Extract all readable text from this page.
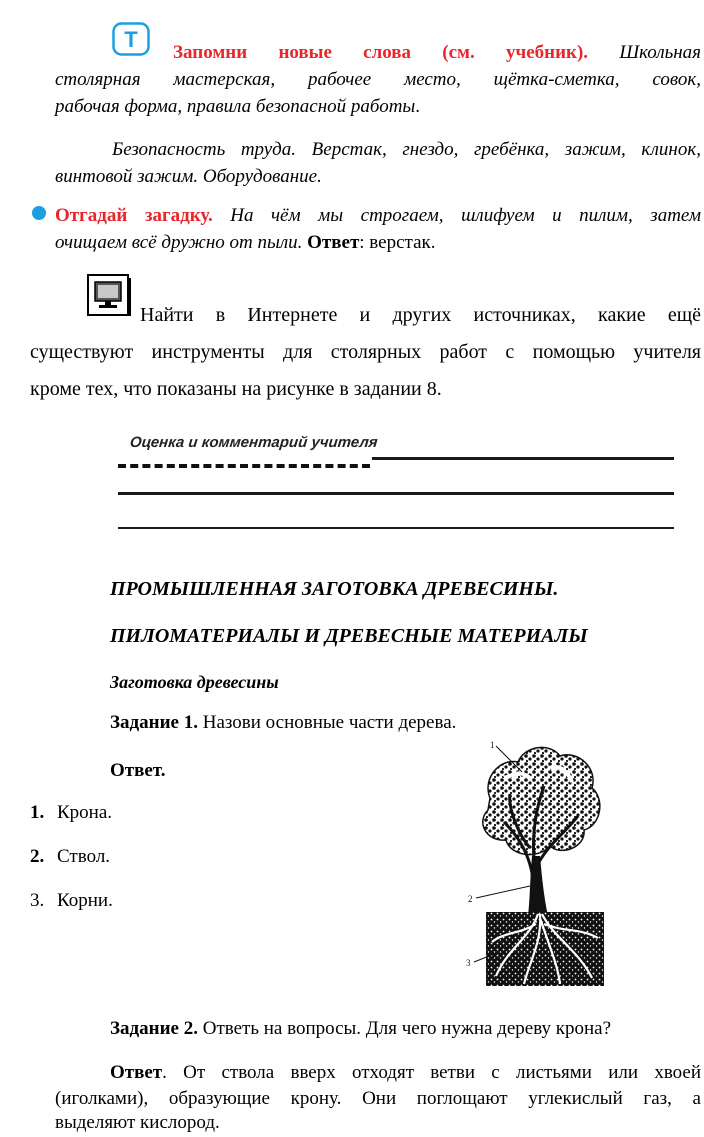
T
Запомни новые слова (см. учебник). Школьная
столярная мастерская, рабочее место, щётка-сметка, совок,
рабочая форма, правила безопасной работы.
Безопасность труда. Верстак, гнездо, гребёнка, зажим, клинок,
винтовой зажим. Оборудование.
Отгадай загадку. На чём мы строгаем, шлифуем и пилим, затем
очищаем всё дружно от пыли. Ответ: верстак.
Найти в Интернете и других источниках, какие ещё
существуют инструменты для столярных работ с помощью учителя
кроме тех, что показаны на рисунке в задании 8.
Оценка и комментарий учителя
ПРОМЫШЛЕННАЯ ЗАГОТОВКА ДРЕВЕСИНЫ.
ПИЛОМАТЕРИАЛЫ И ДРЕВЕСНЫЕ МАТЕРИАЛЫ
Заготовка древесины
Задание 1. Назови основные части дерева.
Ответ.
1. Крона.
2. Ствол.
3. Корни.
1
2
3
Задание 2. Ответь на вопросы. Для чего нужна дереву крона?
Ответ. От ствола вверх отходят ветви с листьями или хвоей
(иголками), образующие крону. Они поглощают углекислый газ, а
выделяют кислород.
